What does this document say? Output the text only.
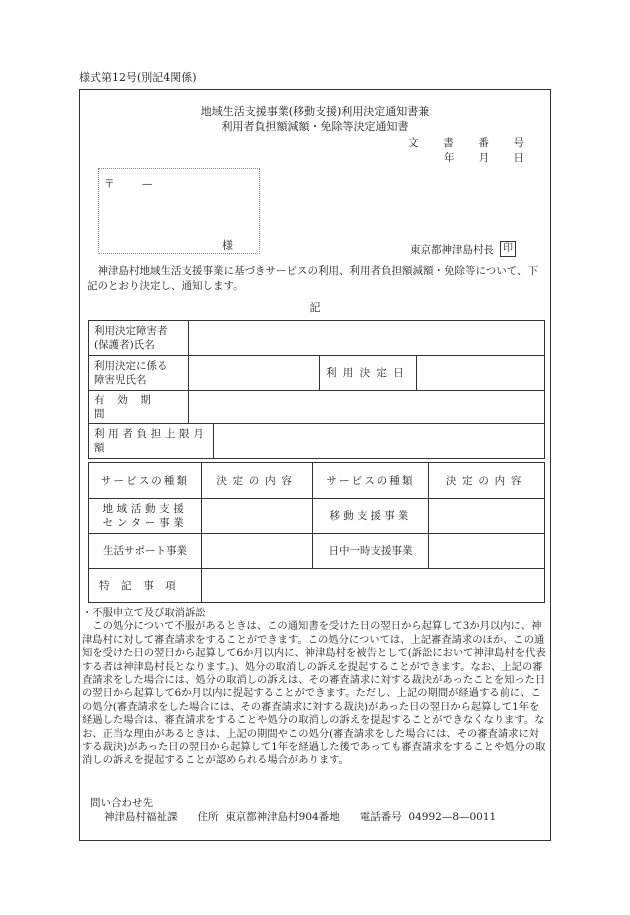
様式第12号(別記4関係)
地域生活支援事業(移動支援)利用決定通知書兼
利用者負担額減額・免除等決定通知書
文 書 番 号
年 月 日
〒	—
様	東京都神津島村長 印
神津島村地域生活支援事業に基づきサービスの利用、利用者負担額減額・免除等について、下記のとおり決定し、通知します。
記
利用決定障害者
(保護者)氏名				

利用決定に係る
障害児氏名			利用決定日	
有効期間				
利用者負担上限月額				
サービスの種類	決定の内容	サービスの種類	決定の内容

地域活動支援
センター事業		移動支援事業	
生活サポート事業		日中一時支援事業	
特記事項			

・不服申立て及び取消訴訟

この処分について不服があるときは、この通知書を受けた日の翌日から起算して3か月以内に、神津島村に対して審査請求をすることができます。この処分については、上記審査請求のほか、この通知を受けた日の翌日から起算して6か月以内に、神津島村を被告として(訴訟において神津島村を代表する者は神津島村長となります。)、処分の取消しの訴えを提起することができます。なお、上記の審査請求をした場合には、処分の取消しの訴えは、その審査請求に対する裁決があったことを知った日の翌日から起算して6か月以内に提起することができます。ただし、上記の期間が経過する前に、この処分(審査請求をした場合には、その審査請求に対する裁決)があった日の翌日から起算して1年を経過した場合は、審査請求をすることや処分の取消しの訴えを提起することができなくなります。なお、正当な理由があるときは、上記の期間やこの処分(審査請求をした場合には、その審査請求に対する裁決)があった日の翌日から起算して1年を経過した後であっても審査請求をすることや処分の取消しの訴えを提起することが認められる場合があります。

問い合わせ先
神津島村福祉課 住所 東京都神津島村904番地 電話番号 04992—8—0011
